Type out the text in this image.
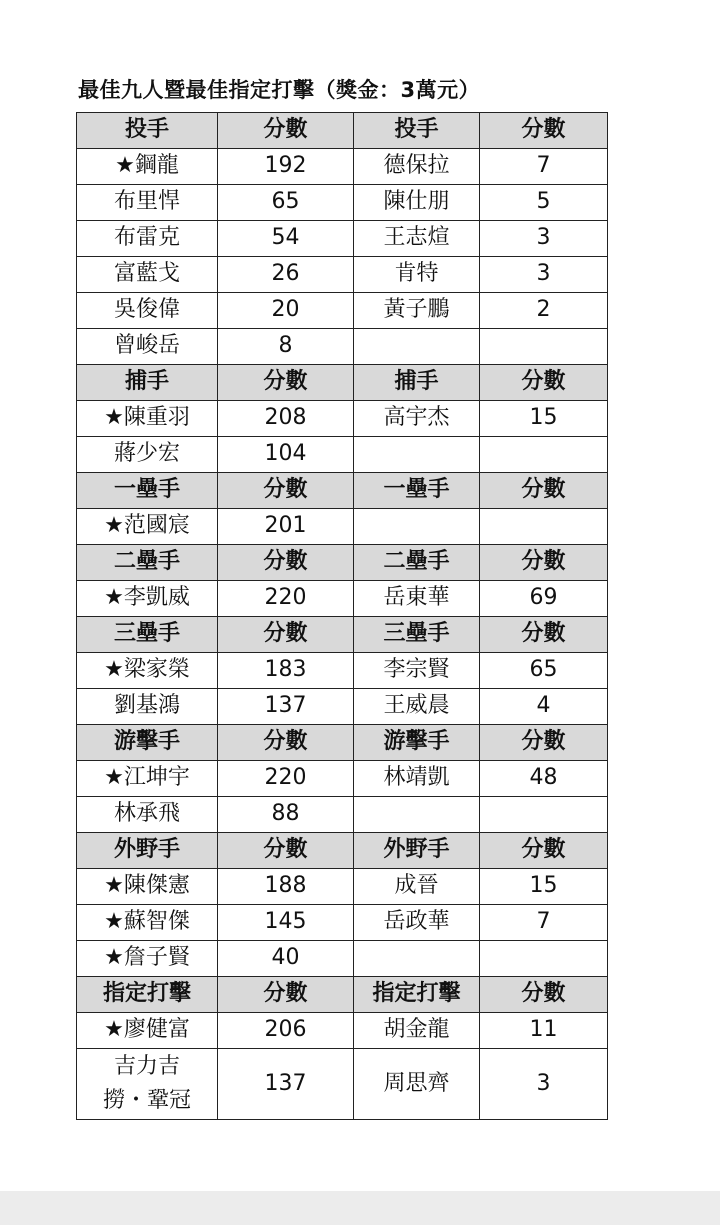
最佳九人暨最佳指定打擊（獎金：3萬元）
投手	分數	投手	分數
★鋼龍	192	德保拉	7
布里悍	65	陳仕朋	5
布雷克	54	王志煊	3
富藍戈	26	肯特	3
吳俊偉	20	黃子鵬	2
曾峻岳	8		
捕手	分數	捕手	分數
★陳重羽	208	高宇杰	15
蔣少宏	104		
一壘手	分數	一壘手	分數
★范國宸	201		
二壘手	分數	二壘手	分數
★李凱威	220	岳東華	69
三壘手	分數	三壘手	分數
★梁家榮	183	李宗賢	65
劉基鴻	137	王威晨	4
游擊手	分數	游擊手	分數
★江坤宇	220	林靖凱	48
林承飛	88		
外野手	分數	外野手	分數
★陳傑憲	188	成晉	15
★蘇智傑	145	岳政華	7
★詹子賢	40		
指定打擊	分數	指定打擊	分數
★廖健富	206	胡金龍	11

吉力吉
撈・鞏冠	137	周思齊	3
